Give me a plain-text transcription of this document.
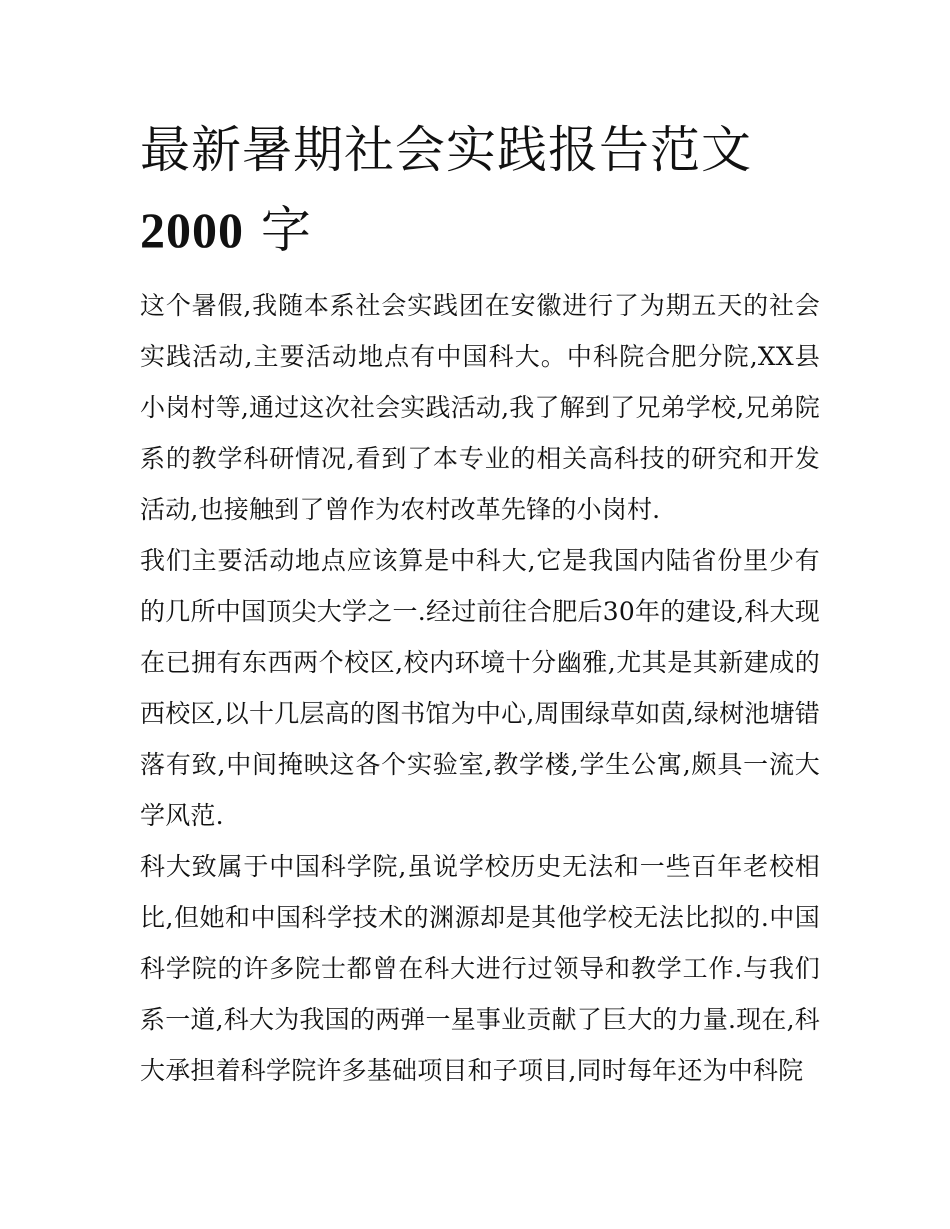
最新暑期社会实践报告范文
2000 字

这个暑假,我随本系社会实践团在安徽进行了为期五天的社会实践活动,主要活动地点有中国科大。中科院合肥分院,XX县小岗村等,通过这次社会实践活动,我了解到了兄弟学校,兄弟院系的教学科研情况,看到了本专业的相关高科技的研究和开发活动,也接触到了曾作为农村改革先锋的小岗村.

我们主要活动地点应该算是中科大,它是我国内陆省份里少有的几所中国顶尖大学之一.经过前往合肥后30年的建设,科大现在已拥有东西两个校区,校内环境十分幽雅,尤其是其新建成的西校区,以十几层高的图书馆为中心,周围绿草如茵,绿树池塘错落有致,中间掩映这各个实验室,教学楼,学生公寓,颇具一流大学风范.

科大致属于中国科学院,虽说学校历史无法和一些百年老校相比,但她和中国科学技术的渊源却是其他学校无法比拟的.中国科学院的许多院士都曾在科大进行过领导和教学工作.与我们系一道,科大为我国的两弹一星事业贡献了巨大的力量.现在,科大承担着科学院许多基础项目和子项目,同时每年还为中科院
